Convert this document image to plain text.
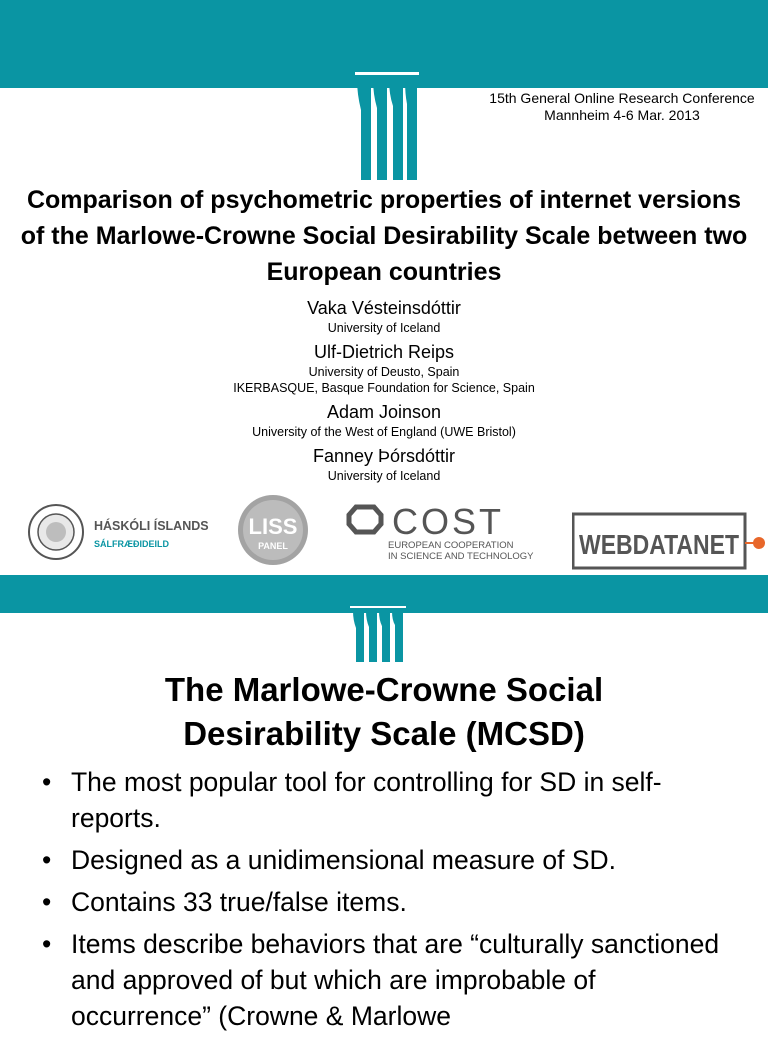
15th General Online Research Conference
Mannheim 4-6 Mar. 2013
Comparison of psychometric properties of internet versions of the Marlowe-Crowne Social Desirability Scale between two European countries
Vaka Vésteinsdóttir
University of Iceland
Ulf-Dietrich Reips
University of Deusto, Spain
IKERBASQUE, Basque Foundation for Science, Spain
Adam Joinson
University of the West of England (UWE Bristol)
Fanney Þórsdóttir
University of Iceland
HÁSKÓLI ÍSLANDS
SÁLFRÆÐIDEILD
LISS
PANEL
COST
EUROPEAN COOPERATION
IN SCIENCE AND TECHNOLOGY WEBDATANET
The Marlowe-Crowne Social
Desirability Scale (MCSD)
• The most popular tool for controlling for SD in self-reports.
• Designed as a unidimensional measure of SD.
• Contains 33 true/false items.
• Items describe behaviors that are “culturally sanctioned and approved of but which are improbable of occurrence” (Crowne & Marlowe
